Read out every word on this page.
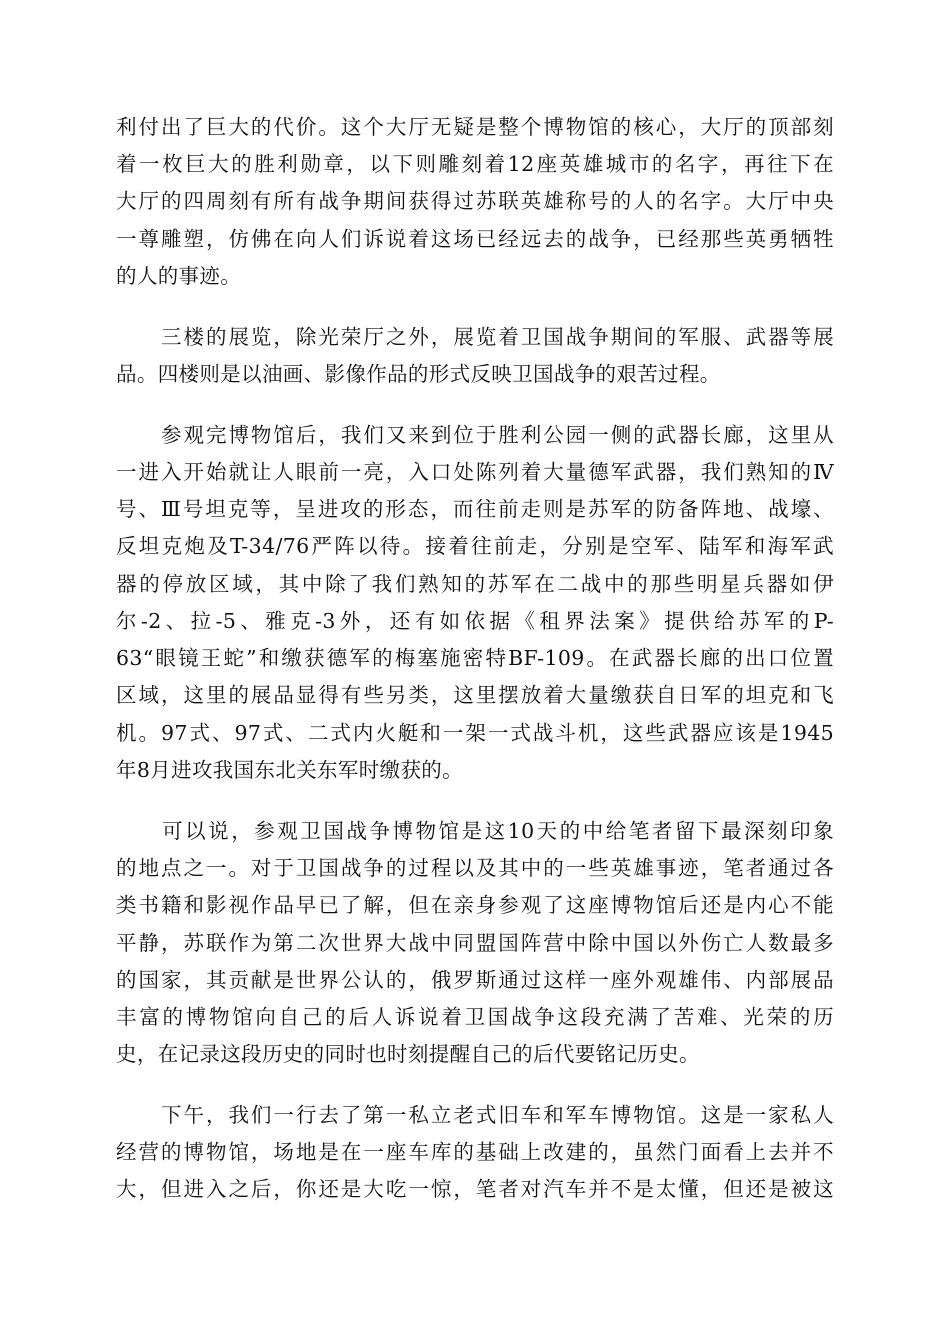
利付出了巨大的代价。这个大厅无疑是整个博物馆的核心，大厅的顶部刻
着一枚巨大的胜利勋章，以下则雕刻着12座英雄城市的名字，再往下在
大厅的四周刻有所有战争期间获得过苏联英雄称号的人的名字。大厅中央
一尊雕塑，仿佛在向人们诉说着这场已经远去的战争，已经那些英勇牺牲
的人的事迹。
　　三楼的展览，除光荣厅之外，展览着卫国战争期间的军服、武器等展
品。四楼则是以油画、影像作品的形式反映卫国战争的艰苦过程。
　　参观完博物馆后，我们又来到位于胜利公园一侧的武器长廊，这里从
一进入开始就让人眼前一亮，入口处陈列着大量德军武器，我们熟知的Ⅳ
号、Ⅲ号坦克等，呈进攻的形态，而往前走则是苏军的防备阵地、战壕、
反坦克炮及T-34/76严阵以待。接着往前走，分别是空军、陆军和海军武
器的停放区域，其中除了我们熟知的苏军在二战中的那些明星兵器如伊
尔-2、拉-5、雅克-3外，还有如依据《租界法案》提供给苏军的P-
63“眼镜王蛇”和缴获德军的梅塞施密特BF-109。在武器长廊的出口位置
区域，这里的展品显得有些另类，这里摆放着大量缴获自日军的坦克和飞
机。97式、97式、二式内火艇和一架一式战斗机，这些武器应该是1945
年8月进攻我国东北关东军时缴获的。
　　可以说，参观卫国战争博物馆是这10天的中给笔者留下最深刻印象
的地点之一。对于卫国战争的过程以及其中的一些英雄事迹，笔者通过各
类书籍和影视作品早已了解，但在亲身参观了这座博物馆后还是内心不能
平静，苏联作为第二次世界大战中同盟国阵营中除中国以外伤亡人数最多
的国家，其贡献是世界公认的，俄罗斯通过这样一座外观雄伟、内部展品
丰富的博物馆向自己的后人诉说着卫国战争这段充满了苦难、光荣的历
史，在记录这段历史的同时也时刻提醒自己的后代要铭记历史。
　　下午，我们一行去了第一私立老式旧车和军车博物馆。这是一家私人
经营的博物馆，场地是在一座车库的基础上改建的，虽然门面看上去并不
大，但进入之后，你还是大吃一惊，笔者对汽车并不是太懂，但还是被这
